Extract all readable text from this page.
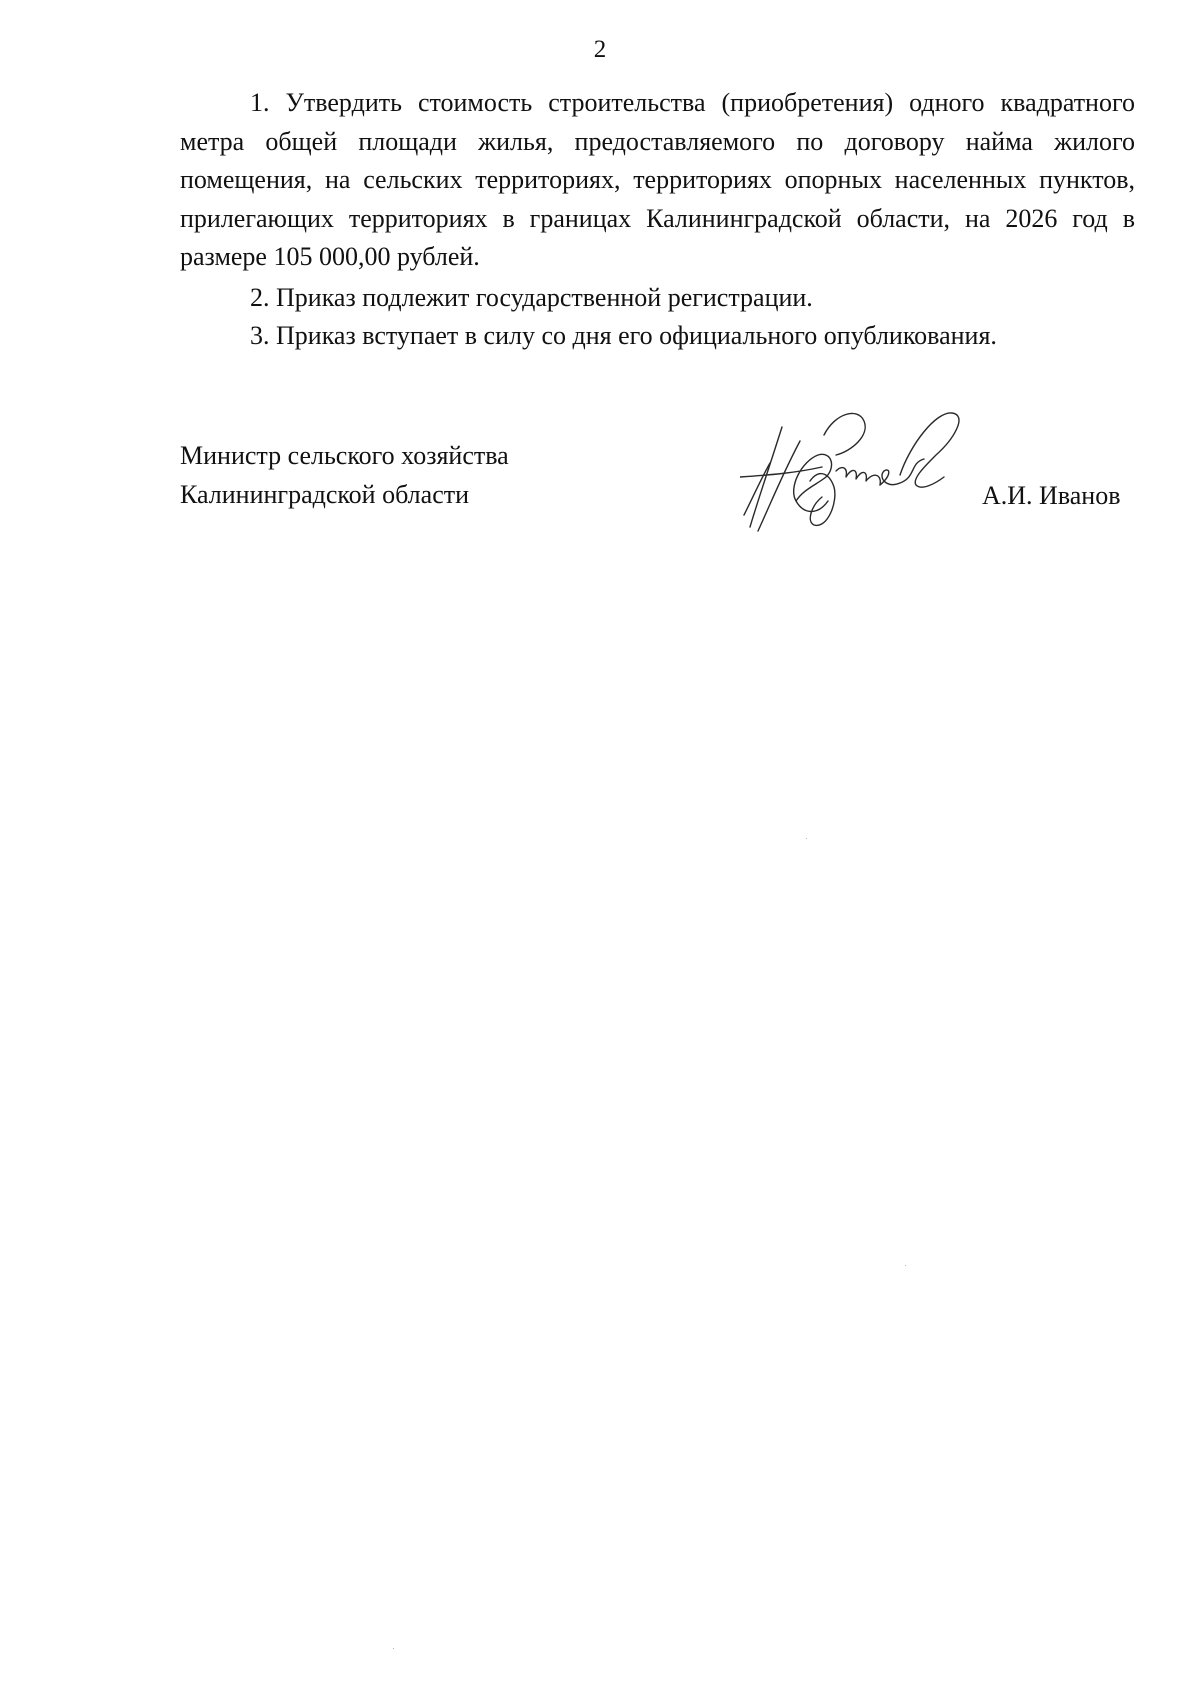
2

1. Утвердить стоимость строительства (приобретения) одного квадратного метра общей площади жилья, предоставляемого по договору найма жилого помещения, на сельских территориях, территориях опорных населенных пунктов, прилегающих территориях в границах Калининградской области, на 2026 год в размере 105 000,00 рублей.

2. Приказ подлежит государственной регистрации.

3. Приказ вступает в силу со дня его официального опубликования.

Министр сельского хозяйства
Калининградской области	А.И. Иванов
